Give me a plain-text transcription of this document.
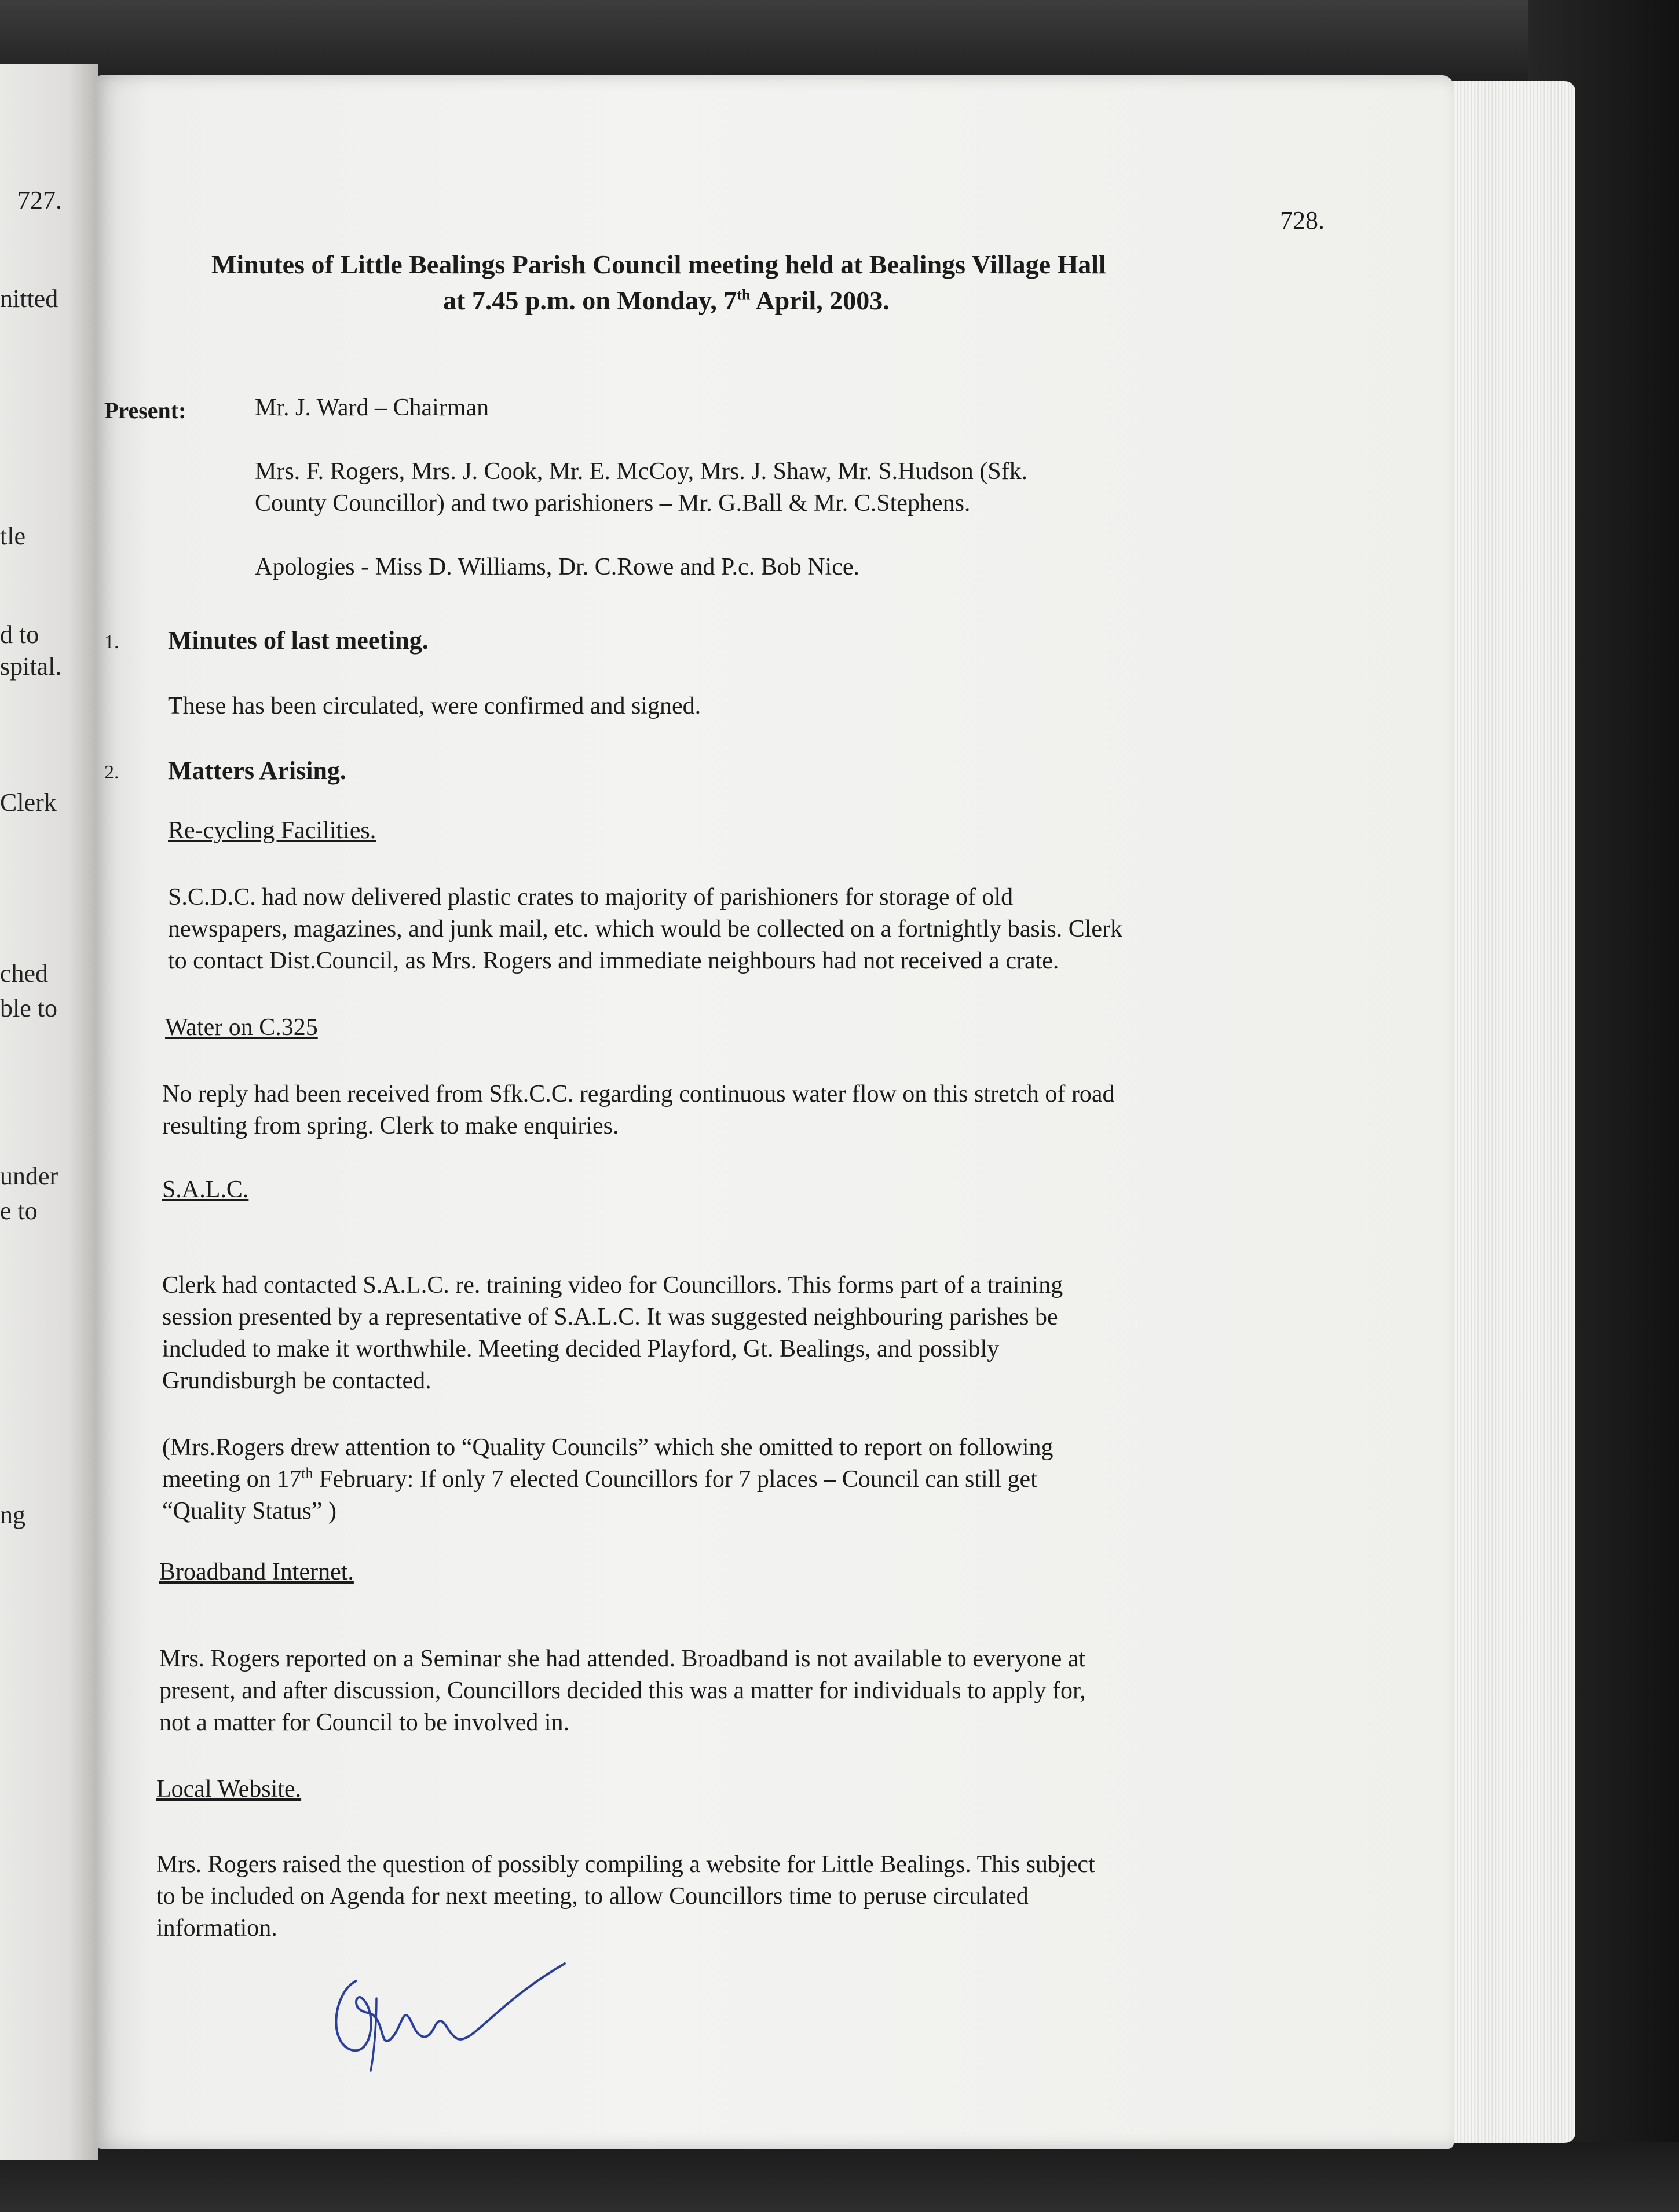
727.
nitted
tle
d to
spital.
Clerk
ched
ble to
under
e to
ng
728.
Minutes of Little Bealings Parish Council meeting held at Bealings Village Hall
at 7.45 p.m. on Monday, 7th April, 2003.
Present:	Mr. J. Ward – Chairman
Mrs. F. Rogers, Mrs. J. Cook, Mr. E. McCoy, Mrs. J. Shaw, Mr. S.Hudson (Sfk.
County Councillor) and two parishioners – Mr. G.Ball & Mr. C.Stephens.
Apologies - Miss D. Williams, Dr. C.Rowe and P.c. Bob Nice.
1. Minutes of last meeting.
These has been circulated, were confirmed and signed.
2. Matters Arising.
Re-cycling Facilities.
S.C.D.C. had now delivered plastic crates to majority of parishioners for storage of old
newspapers, magazines, and junk mail, etc. which would be collected on a fortnightly basis. Clerk
to contact Dist.Council, as Mrs. Rogers and immediate neighbours had not received a crate.
Water on C.325
No reply had been received from Sfk.C.C. regarding continuous water flow on this stretch of road
resulting from spring. Clerk to make enquiries.
S.A.L.C.
Clerk had contacted S.A.L.C. re. training video for Councillors. This forms part of a training
session presented by a representative of S.A.L.C. It was suggested neighbouring parishes be
included to make it worthwhile. Meeting decided Playford, Gt. Bealings, and possibly
Grundisburgh be contacted.
(Mrs.Rogers drew attention to “Quality Councils” which she omitted to report on following
meeting on 17th February: If only 7 elected Councillors for 7 places – Council can still get
“Quality Status” )
Broadband Internet.
Mrs. Rogers reported on a Seminar she had attended. Broadband is not available to everyone at
present, and after discussion, Councillors decided this was a matter for individuals to apply for,
not a matter for Council to be involved in.
Local Website.
Mrs. Rogers raised the question of possibly compiling a website for Little Bealings. This subject
to be included on Agenda for next meeting, to allow Councillors time to peruse circulated
information.
